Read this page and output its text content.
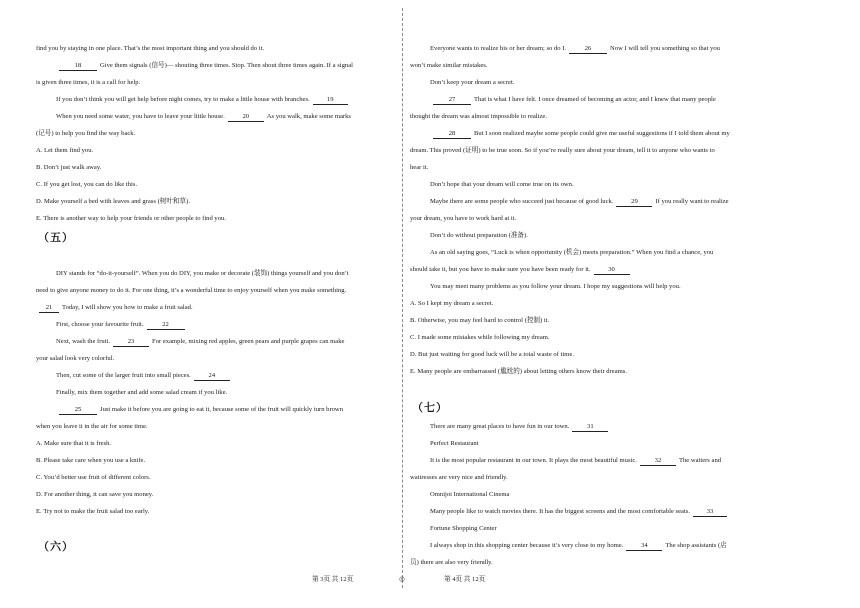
find you by staying in one place. That’s the most important thing and you should do it.
18	Give them signals (信号)— shouting three times. Stop. Then shout three times again. If a signal
is given three times, it is a call for help.
If you don’t think you will get help before night comes, try to make a little house with branches.	19
When you need some water, you have to leave your little house.	20	As you walk, make some marks
(记号) to help you find the way back.
A. Let them find you.
B. Don’t just walk away.
C. If you get lost, you can do like this.
D. Make yourself a bed with leaves and grass (树叶和草).
E. There is another way to help your friends or other people to find you.
（五）
DIY stands for “do-it-yourself”. When you do DIY, you make or decorate (装饰) things yourself and you don’t
need to give anyone money to do it. For one thing, it’s a wonderful time to enjoy yourself when you make something.
21 Today, I will show you how to make a fruit salad.
First, choose your favourite fruit.	22
Next, wash the fruit.	23	For example, mixing red apples, green pears and purple grapes can make
your salad look very colorful.
Then, cut some of the larger fruit into small pieces.	24
Finally, mix them together and add some salad cream if you like.
25	Just make it before you are going to eat it, because some of the fruit will quickly turn brown
when you leave it in the air for some time.
A. Make sure that it is fresh.
B. Please take care when you use a knife.
C. You’d better use fruit of different colors.
D. For another thing, it can save you money.
E. Try not to make the fruit salad too early.
（六）
Everyone wants to realize his or her dream; so do I.	26	Now I will tell you something so that you
won’t make similar mistakes.
Don’t keep your dream a secret.
27	That is what I have felt. I once dreamed of becoming an actor, and I knew that many people
thought the dream was almost impossible to realize.
28	But I soon realized maybe some people could give me useful suggestions if I told them about my
dream. This proved (证明) to be true soon. So if you’re really sure about your dream, tell it to anyone who wants to
hear it.
Don’t hope that your dream will come true on its own.
Maybe there are some people who succeed just because of good luck.	29	If you really want to realize
your dream, you have to work hard at it.
Don’t do without preparation (准备).
As an old saying goes, “Luck is when opportunity (机会) meets preparation.” When you find a chance, you
should take it, but you have to make sure you have been ready for it.	30
You may meet many problems as you follow your dream. I hope my suggestions will help you.
A. So I kept my dream a secret.
B. Otherwise, you may feel hard to control (控制) it.
C. I made some mistakes while following my dream.
D. But just waiting for good luck will be a total waste of time.
E. Many people are embarrassed (尴尬的) about letting others know their dreams.
（七）
There are many great places to have fun in our town.	31
Perfect Restaurant
It is the most popular restaurant in our town. It plays the most beautiful music.	32	The waiters and
waitresses are very nice and friendly.
Omnijoi International Cinema
Many people like to watch movies there. It has the biggest screens and the most comfortable seats.	33
Fortune Shopping Center
I always shop in this shopping center because it’s very close to my home.	34	The shop assistants (店
员) there are also very friendly.
第 3页 共 12页	◎	第 4页 共 12页
